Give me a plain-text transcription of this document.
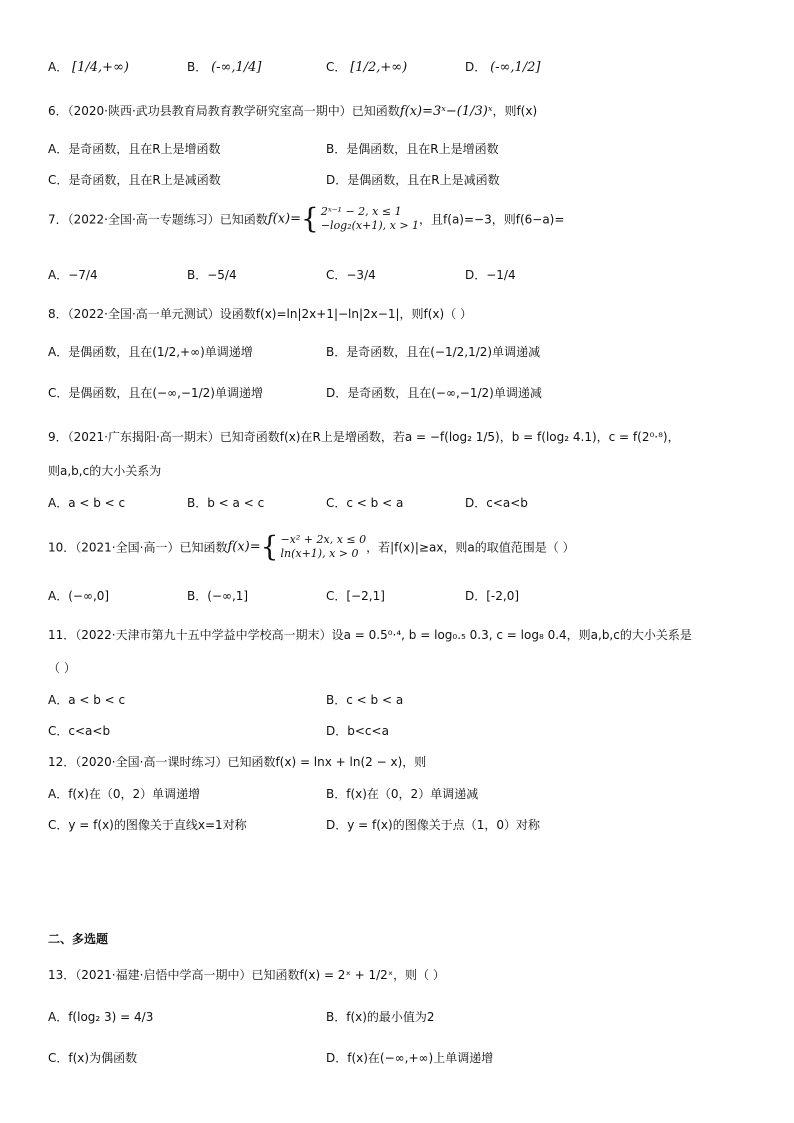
A． [1/4,+∞)	B． (-∞,1/4]	C． [1/2,+∞)	D． (-∞,1/2]
6．（2020·陕西·武功县教育局教育教学研究室高一期中）已知函数f(x)=3ˣ−(1/3)ˣ，则f(x)
A．是奇函数，且在R上是增函数	B．是偶函数，且在R上是增函数
C．是奇函数，且在R上是减函数	D．是偶函数，且在R上是减函数
7．（2022·全国·高一专题练习）已知函数f(x)= { 2ˣ⁻¹ − 2, x ≤ 1
−log₂(x+1), x > 1 ，且f(a)=−3，则f(6−a)=
A．−7/4	B．−5/4	C．−3/4	D．−1/4
8．（2022·全国·高一单元测试）设函数f(x)=ln|2x+1|−ln|2x−1|，则f(x)（ ）
A．是偶函数，且在(1/2,+∞)单调递增	B．是奇函数，且在(−1/2,1/2)单调递减
C．是偶函数，且在(−∞,−1/2)单调递增	D．是奇函数，且在(−∞,−1/2)单调递减
9．（2021·广东揭阳·高一期末）已知奇函数f(x)在R上是增函数，若a = −f(log₂ 1/5)，b = f(log₂ 4.1)，c = f(2⁰·⁸)，
则a,b,c的大小关系为
A．a < b < c	B．b < a < c	C．c < b < a	D．c<a<b
10．（2021·全国·高一）已知函数f(x)= { −x² + 2x, x ≤ 0
ln(x+1), x > 0 ，若|f(x)|≥ax，则a的取值范围是（ ）
A．(−∞,0]	B．(−∞,1]	C．[−2,1]	D．[-2,0]
11．（2022·天津市第九十五中学益中学校高一期末）设a = 0.5⁰·⁴, b = log₀.₅ 0.3, c = log₈ 0.4，则a,b,c的大小关系是
（ ）
A．a < b < c	B．c < b < a
C．c<a<b	D．b<c<a
12．（2020·全国·高一课时练习）已知函数f(x) = lnx + ln(2 − x)，则
A．f(x)在（0，2）单调递增	B．f(x)在（0，2）单调递减
C．y = f(x)的图像关于直线x=1对称	D．y = f(x)的图像关于点（1，0）对称
二、多选题
13．（2021·福建·启悟中学高一期中）已知函数f(x) = 2ˣ + 1/2ˣ，则（ ）
A．f(log₂ 3) = 4/3	B．f(x)的最小值为2
C．f(x)为偶函数	D．f(x)在(−∞,+∞)上单调递增
